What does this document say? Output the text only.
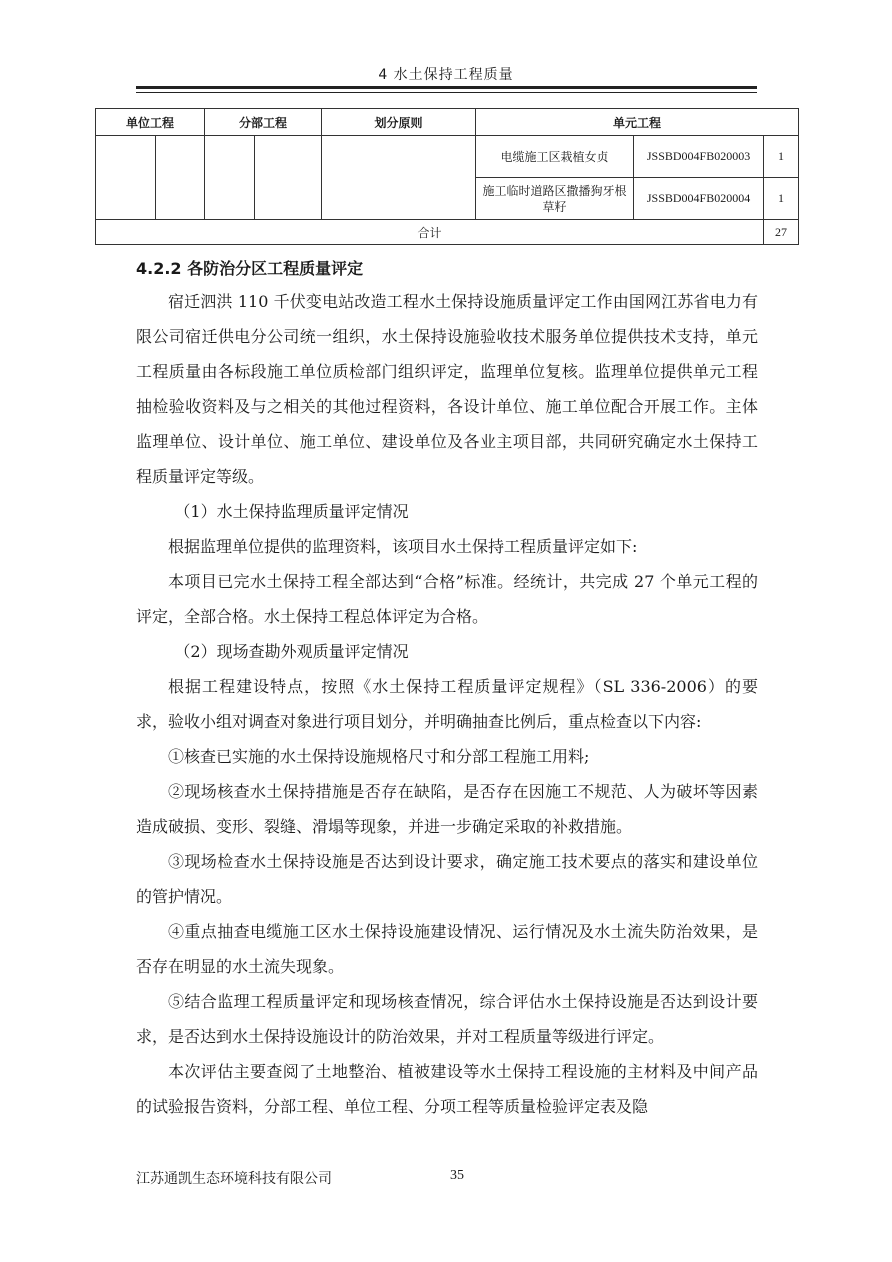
4 水土保持工程质量
单位工程		分部工程		划分原则	单元工程		
					电缆施工区栽植女贞	JSSBD004FB020003	1
					施工临时道路区撒播狗牙根草籽	JSSBD004FB020004	1
合计							27
4.2.2 各防治分区工程质量评定

宿迁泗洪 110 千伏变电站改造工程水土保持设施质量评定工作由国网江苏省电力有限公司宿迁供电分公司统一组织，水土保持设施验收技术服务单位提供技术支持，单元工程质量由各标段施工单位质检部门组织评定，监理单位复核。监理单位提供单元工程抽检验收资料及与之相关的其他过程资料，各设计单位、施工单位配合开展工作。主体监理单位、设计单位、施工单位、建设单位及各业主项目部，共同研究确定水土保持工程质量评定等级。

（1）水土保持监理质量评定情况

根据监理单位提供的监理资料，该项目水土保持工程质量评定如下:

本项目已完水土保持工程全部达到“合格”标准。经统计，共完成 27 个单元工程的评定，全部合格。水土保持工程总体评定为合格。

（2）现场查勘外观质量评定情况

根据工程建设特点，按照《水土保持工程质量评定规程》（SL 336-2006）的要求，验收小组对调查对象进行项目划分，并明确抽查比例后，重点检查以下内容:

①核查已实施的水土保持设施规格尺寸和分部工程施工用料;

②现场核查水土保持措施是否存在缺陷，是否存在因施工不规范、人为破坏等因素造成破损、变形、裂缝、滑塌等现象，并进一步确定采取的补救措施。

③现场检查水土保持设施是否达到设计要求，确定施工技术要点的落实和建设单位的管护情况。

④重点抽查电缆施工区水土保持设施建设情况、运行情况及水土流失防治效果，是否存在明显的水土流失现象。

⑤结合监理工程质量评定和现场核查情况，综合评估水土保持设施是否达到设计要求，是否达到水土保持设施设计的防治效果，并对工程质量等级进行评定。

本次评估主要查阅了土地整治、植被建设等水土保持工程设施的主材料及中间产品的试验报告资料，分部工程、单位工程、分项工程等质量检验评定表及隐

江苏通凯生态环境科技有限公司	35
